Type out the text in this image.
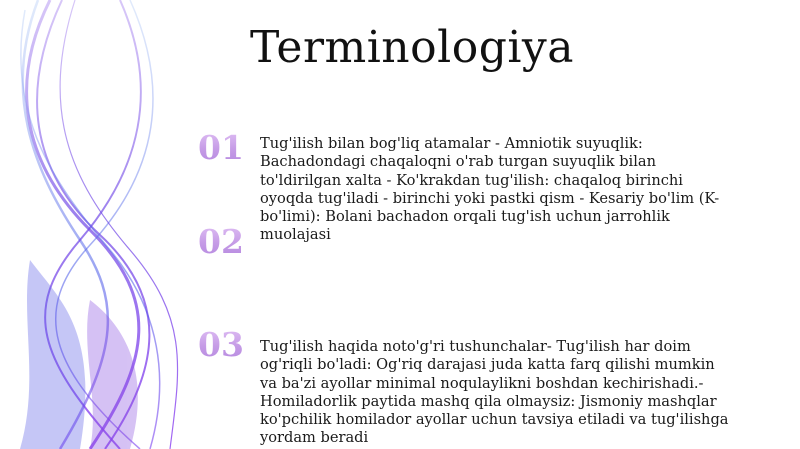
Terminologiya
01
02
03

Tug'ilish bilan bog'liq atamalar - Amniotik suyuqlik: Bachadondagi chaqaloqni o'rab turgan suyuqlik bilan to'ldirilgan xalta - Ko'krakdan tug'ilish: chaqaloq birinchi oyoqda tug'iladi - birinchi yoki pastki qism - Kesariy bo'lim (K-bo'limi): Bolani bachadon orqali tug'ish uchun jarrohlik muolajasi

Tug'ilish haqida noto'g'ri tushunchalar- Tug'ilish har doim og'riqli bo'ladi: Og'riq darajasi juda katta farq qilishi mumkin va ba'zi ayollar minimal noqulaylikni boshdan kechirishadi.- Homiladorlik paytida mashq qila olmaysiz: Jismoniy mashqlar ko'pchilik homilador ayollar uchun tavsiya etiladi va tug'ilishga yordam beradi
